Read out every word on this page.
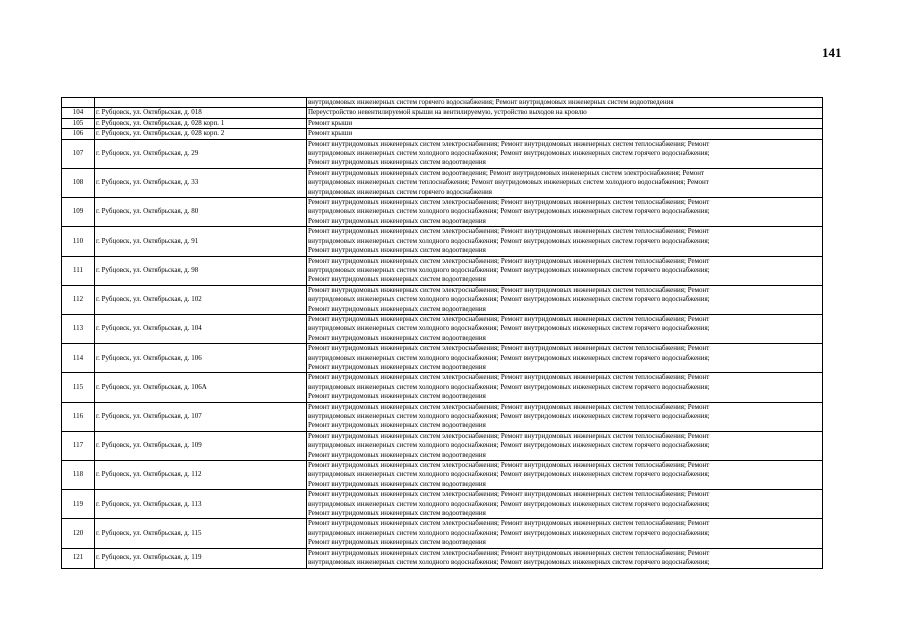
141

		внутридомовых инженерных систем горячего водоснабжения; Ремонт внутридомовых инженерных систем водоотведения

104	г. Рубцовск, ул. Октябрьская, д. 018	Переустройство невентилируемой крыши на вентилируемую, устройство выходов на кровлю

105	г. Рубцовск, ул. Октябрьская, д. 028 корп. 1	Ремонт крыши

106	г. Рубцовск, ул. Октябрьская, д. 028 корп. 2	Ремонт крыши

107	г. Рубцовск, ул. Октябрьская, д. 29	Ремонт внутридомовых инженерных систем электроснабжения; Ремонт внутридомовых инженерных систем теплоснабжения; Ремонт
внутридомовых инженерных систем холодного водоснабжения; Ремонт внутридомовых инженерных систем горячего водоснабжения;
Ремонт внутридомовых инженерных систем водоотведения

108	г. Рубцовск, ул. Октябрьская, д. 33	Ремонт внутридомовых инженерных систем водоотведения; Ремонт внутридомовых инженерных систем электроснабжения; Ремонт
внутридомовых инженерных систем теплоснабжения; Ремонт внутридомовых инженерных систем холодного водоснабжения; Ремонт
внутридомовых инженерных систем горячего водоснабжения

109	г. Рубцовск, ул. Октябрьская, д. 80	Ремонт внутридомовых инженерных систем электроснабжения; Ремонт внутридомовых инженерных систем теплоснабжения; Ремонт
внутридомовых инженерных систем холодного водоснабжения; Ремонт внутридомовых инженерных систем горячего водоснабжения;
Ремонт внутридомовых инженерных систем водоотведения

110	г. Рубцовск, ул. Октябрьская, д. 91	Ремонт внутридомовых инженерных систем электроснабжения; Ремонт внутридомовых инженерных систем теплоснабжения; Ремонт
внутридомовых инженерных систем холодного водоснабжения; Ремонт внутридомовых инженерных систем горячего водоснабжения;
Ремонт внутридомовых инженерных систем водоотведения

111	г. Рубцовск, ул. Октябрьская, д. 98	Ремонт внутридомовых инженерных систем электроснабжения; Ремонт внутридомовых инженерных систем теплоснабжения; Ремонт
внутридомовых инженерных систем холодного водоснабжения; Ремонт внутридомовых инженерных систем горячего водоснабжения;
Ремонт внутридомовых инженерных систем водоотведения

112	г. Рубцовск, ул. Октябрьская, д. 102	Ремонт внутридомовых инженерных систем электроснабжения; Ремонт внутридомовых инженерных систем теплоснабжения; Ремонт
внутридомовых инженерных систем холодного водоснабжения; Ремонт внутридомовых инженерных систем горячего водоснабжения;
Ремонт внутридомовых инженерных систем водоотведения

113	г. Рубцовск, ул. Октябрьская, д. 104	Ремонт внутридомовых инженерных систем электроснабжения; Ремонт внутридомовых инженерных систем теплоснабжения; Ремонт
внутридомовых инженерных систем холодного водоснабжения; Ремонт внутридомовых инженерных систем горячего водоснабжения;
Ремонт внутридомовых инженерных систем водоотведения

114	г. Рубцовск, ул. Октябрьская, д. 106	Ремонт внутридомовых инженерных систем электроснабжения; Ремонт внутридомовых инженерных систем теплоснабжения; Ремонт
внутридомовых инженерных систем холодного водоснабжения; Ремонт внутридомовых инженерных систем горячего водоснабжения;
Ремонт внутридомовых инженерных систем водоотведения

115	г. Рубцовск, ул. Октябрьская, д. 106А	Ремонт внутридомовых инженерных систем электроснабжения; Ремонт внутридомовых инженерных систем теплоснабжения; Ремонт
внутридомовых инженерных систем холодного водоснабжения; Ремонт внутридомовых инженерных систем горячего водоснабжения;
Ремонт внутридомовых инженерных систем водоотведения

116	г. Рубцовск, ул. Октябрьская, д. 107	Ремонт внутридомовых инженерных систем электроснабжения; Ремонт внутридомовых инженерных систем теплоснабжения; Ремонт
внутридомовых инженерных систем холодного водоснабжения; Ремонт внутридомовых инженерных систем горячего водоснабжения;
Ремонт внутридомовых инженерных систем водоотведения

117	г. Рубцовск, ул. Октябрьская, д. 109	Ремонт внутридомовых инженерных систем электроснабжения; Ремонт внутридомовых инженерных систем теплоснабжения; Ремонт
внутридомовых инженерных систем холодного водоснабжения; Ремонт внутридомовых инженерных систем горячего водоснабжения;
Ремонт внутридомовых инженерных систем водоотведения

118	г. Рубцовск, ул. Октябрьская, д. 112	Ремонт внутридомовых инженерных систем электроснабжения; Ремонт внутридомовых инженерных систем теплоснабжения; Ремонт
внутридомовых инженерных систем холодного водоснабжения; Ремонт внутридомовых инженерных систем горячего водоснабжения;
Ремонт внутридомовых инженерных систем водоотведения

119	г. Рубцовск, ул. Октябрьская, д. 113	Ремонт внутридомовых инженерных систем электроснабжения; Ремонт внутридомовых инженерных систем теплоснабжения; Ремонт
внутридомовых инженерных систем холодного водоснабжения; Ремонт внутридомовых инженерных систем горячего водоснабжения;
Ремонт внутридомовых инженерных систем водоотведения

120	г. Рубцовск, ул. Октябрьская, д. 115	Ремонт внутридомовых инженерных систем электроснабжения; Ремонт внутридомовых инженерных систем теплоснабжения; Ремонт
внутридомовых инженерных систем холодного водоснабжения; Ремонт внутридомовых инженерных систем горячего водоснабжения;
Ремонт внутридомовых инженерных систем водоотведения

121	г. Рубцовск, ул. Октябрьская, д. 119	Ремонт внутридомовых инженерных систем электроснабжения; Ремонт внутридомовых инженерных систем теплоснабжения; Ремонт
внутридомовых инженерных систем холодного водоснабжения; Ремонт внутридомовых инженерных систем горячего водоснабжения;
